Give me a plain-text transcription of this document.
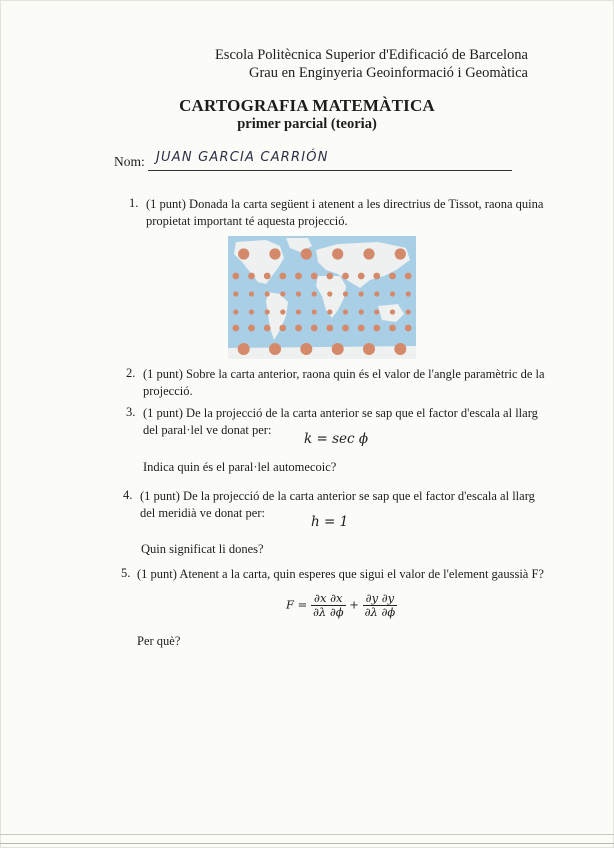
Escola Politècnica Superior d'Edificació de Barcelona
Grau en Enginyeria Geoinformació i Geomàtica
CARTOGRAFIA MATEMÀTICA
primer parcial (teoria)
Nom: JUAN GARCIA CARRIÓN
1. (1 punt) Donada la carta següent i atenent a les directrius de Tissot, raona quina
propietat important té aquesta projecció.
2. (1 punt) Sobre la carta anterior, raona quin és el valor de l'angle paramètric de la
projecció.
3. (1 punt) De la projecció de la carta anterior se sap que el factor d'escala al llarg
del paral·lel ve donat per:
k = sec ϕ
Indica quin és el paral·lel automecoic?
4. (1 punt) De la projecció de la carta anterior se sap que el factor d'escala al llarg
del meridià ve donat per:
h = 1
Quin significat li dones?
5. (1 punt) Atenent a la carta, quin esperes que sigui el valor de l'element gaussià F?
$F = \frac{\partial x \partial x}{\partial\lambda \partial\phi} + \frac{\partial y \partial y}{\partial\lambda \partial\phi}$
Per què?
